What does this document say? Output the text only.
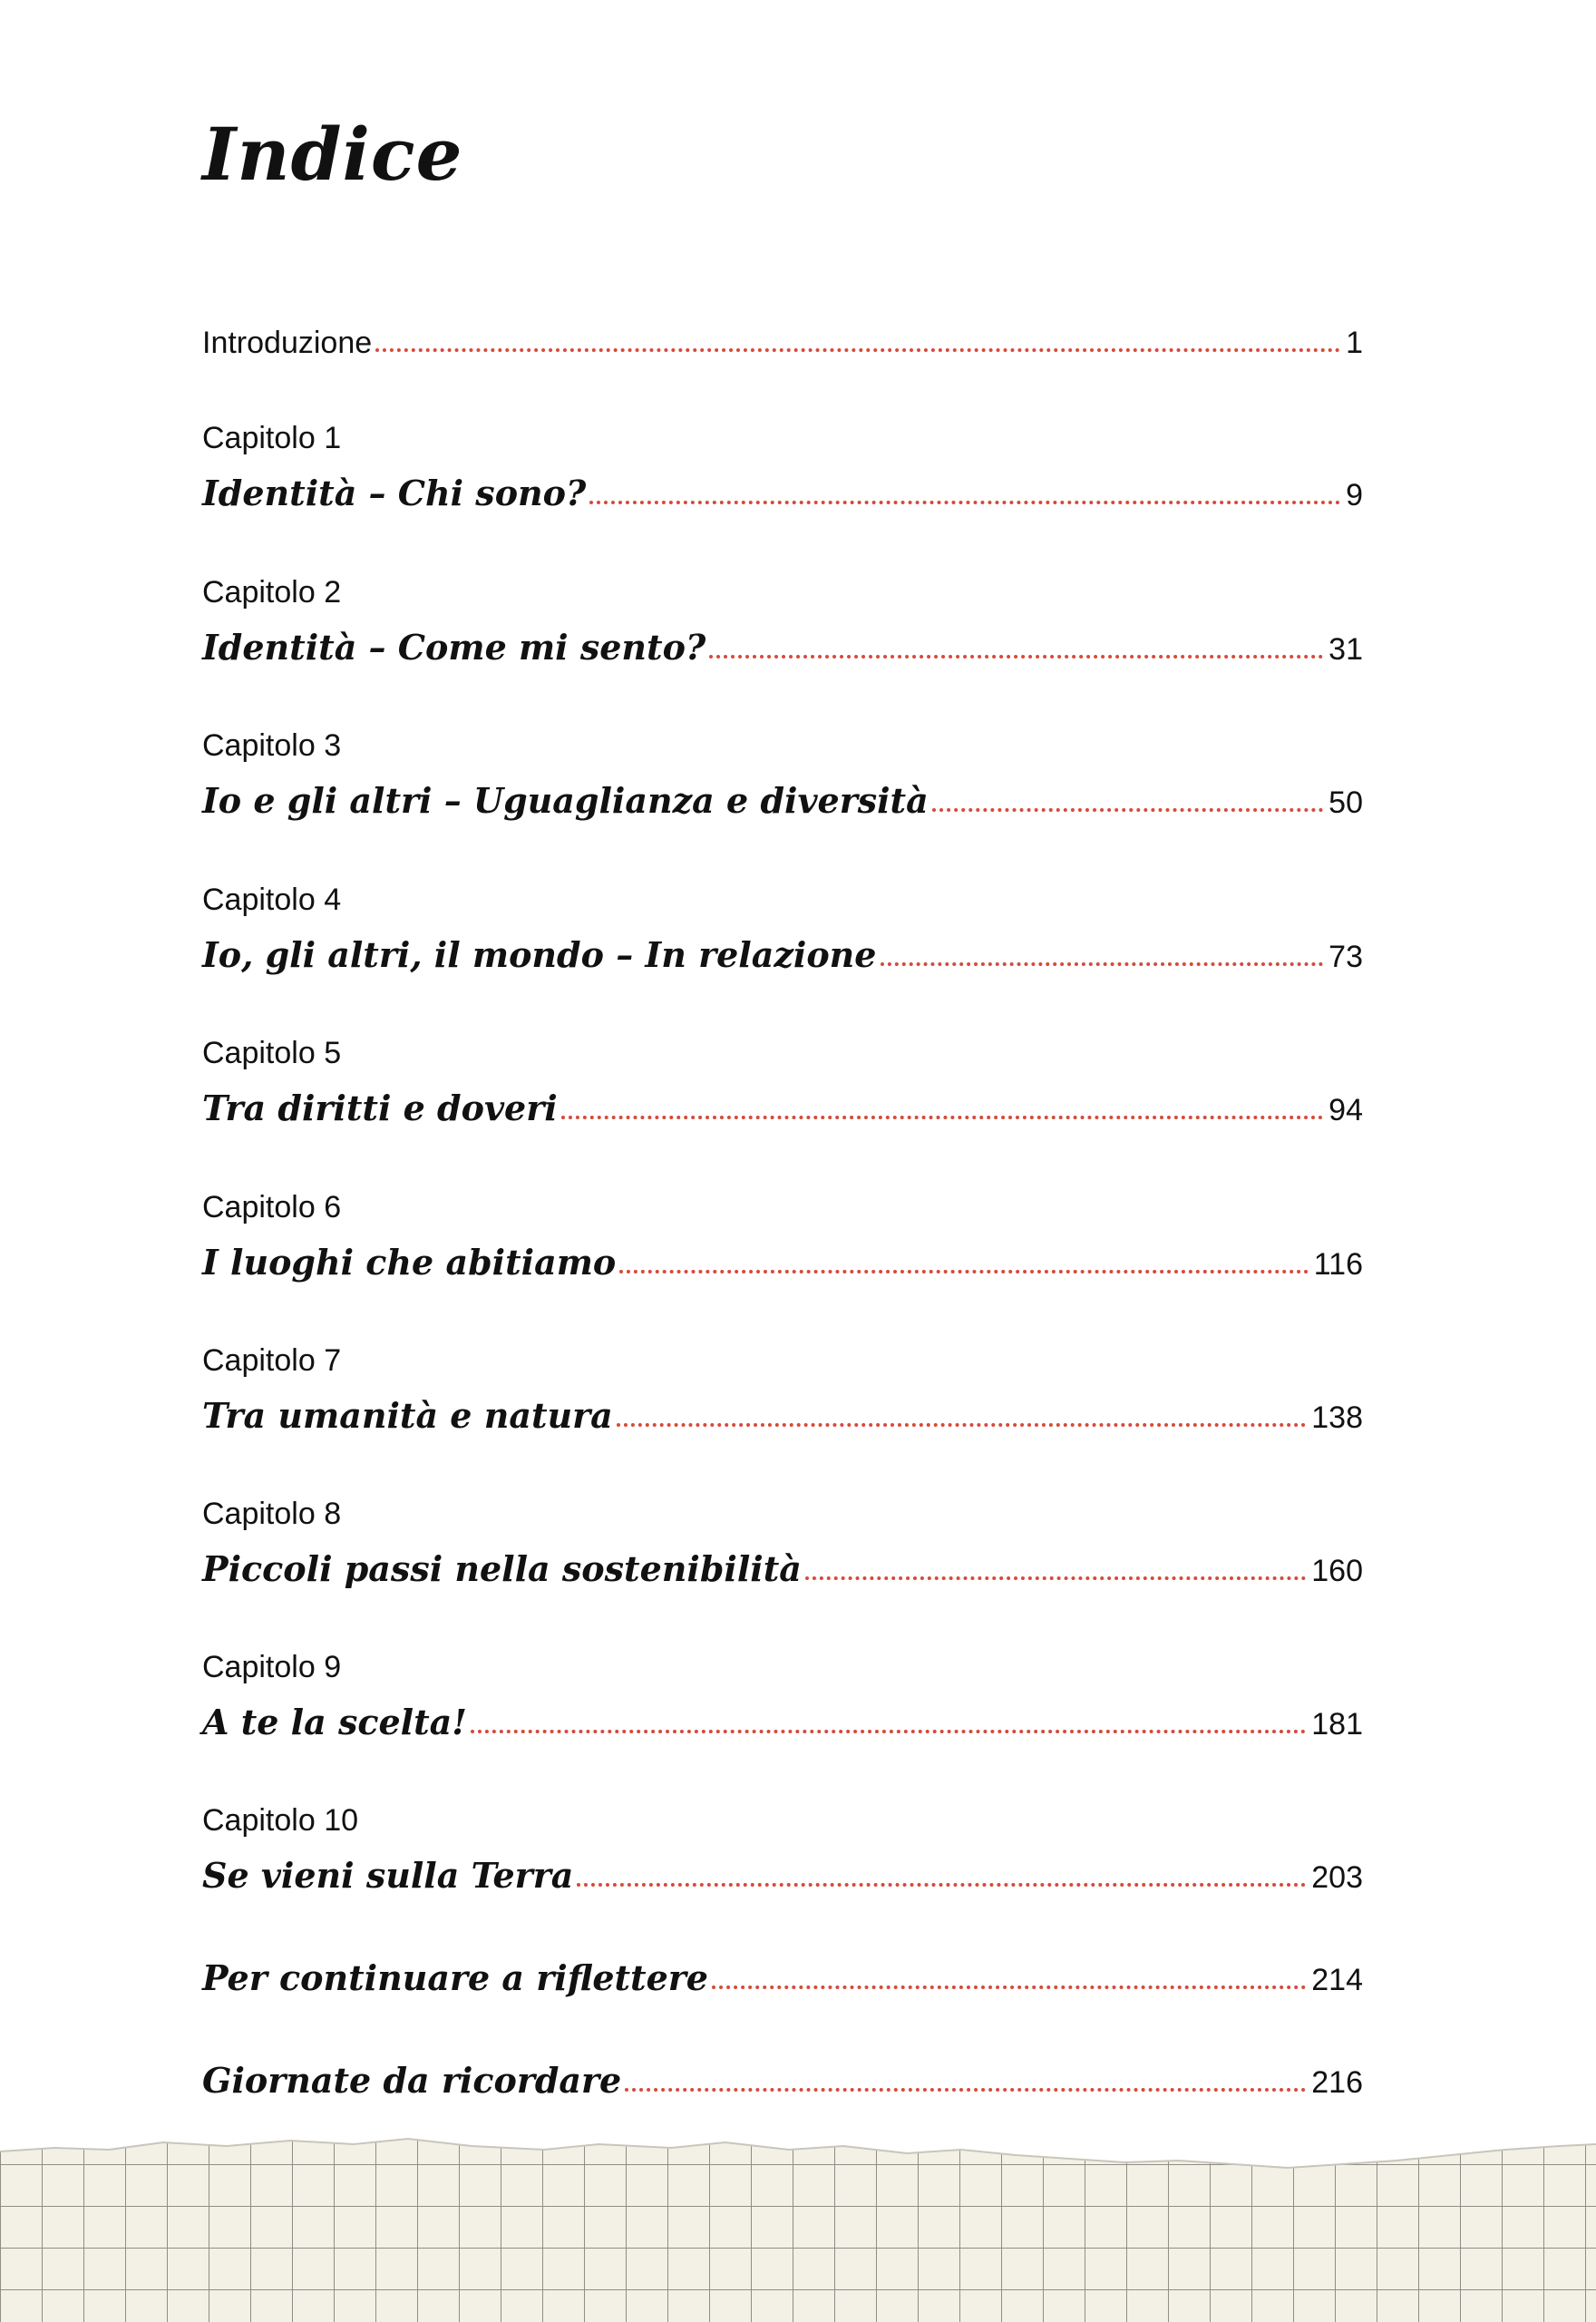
Indice
Introduzione	1
Capitolo 1
Identità – Chi sono?	9
Capitolo 2
Identità – Come mi sento?	31
Capitolo 3
Io e gli altri – Uguaglianza e diversità	50
Capitolo 4
Io, gli altri, il mondo – In relazione	73
Capitolo 5
Tra diritti e doveri	94
Capitolo 6
I luoghi che abitiamo	116
Capitolo 7
Tra umanità e natura	138
Capitolo 8
Piccoli passi nella sostenibilità	160
Capitolo 9
A te la scelta!	181
Capitolo 10
Se vieni sulla Terra	203
Per continuare a riflettere	214
Giornate da ricordare	216
